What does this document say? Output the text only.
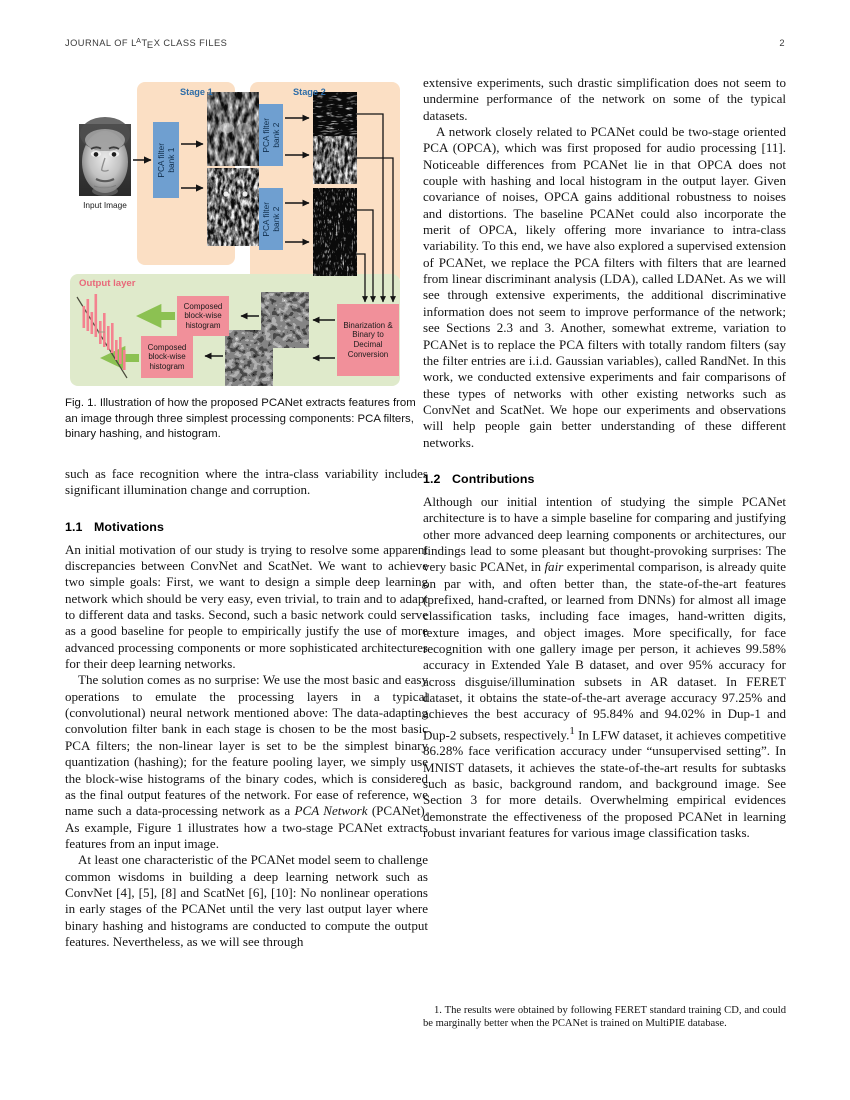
JOURNAL OF $L^ATEX$ CLASS FILES	2
Stage 1	Stage 2
Output layer
Input Image
PCA filter
bank 1
PCA filter
bank 2
PCA filter
bank 2
Binarization &
Binary to
Decimal
Conversion
Composed
block-wise
histogram
Composed
block-wise
histogram
Fig. 1. Illustration of how the proposed PCANet extracts features from an image through three simplest processing components: PCA filters, binary hashing, and histogram.

such as face recognition where the intra-class variability includes significant illumination change and corruption.

1.1 Motivations

An initial motivation of our study is trying to resolve some apparent discrepancies between ConvNet and ScatNet. We want to achieve two simple goals: First, we want to design a simple deep learning network which should be very easy, even trivial, to train and to adapt to different data and tasks. Second, such a basic network could serve as a good baseline for people to empirically justify the use of more advanced processing components or more sophisticated architectures for their deep learning networks.

The solution comes as no surprise: We use the most basic and easy operations to emulate the processing layers in a typical (convolutional) neural network mentioned above: The data-adapting convolution filter bank in each stage is chosen to be the most basic PCA filters; the non-linear layer is set to be the simplest binary quantization (hashing); for the feature pooling layer, we simply use the block-wise histograms of the binary codes, which is considered as the final output features of the network. For ease of reference, we name such a data-processing network as a PCA Network (PCANet). As example, Figure 1 illustrates how a two-stage PCANet extracts features from an input image.

At least one characteristic of the PCANet model seem to challenge common wisdoms in building a deep learning network such as ConvNet [4], [5], [8] and ScatNet [6], [10]: No nonlinear operations in early stages of the PCANet until the very last output layer where binary hashing and histograms are conducted to compute the output features. Nevertheless, as we will see through

extensive experiments, such drastic simplification does not seem to undermine performance of the network on some of the typical datasets.

A network closely related to PCANet could be two-stage oriented PCA (OPCA), which was first proposed for audio processing [11]. Noticeable differences from PCANet lie in that OPCA does not couple with hashing and local histogram in the output layer. Given covariance of noises, OPCA gains additional robustness to noises and distortions. The baseline PCANet could also incorporate the merit of OPCA, likely offering more invariance to intra-class variability. To this end, we have also explored a supervised extension of PCANet, we replace the PCA filters with filters that are learned from linear discriminant analysis (LDA), called LDANet. As we will see through extensive experiments, the additional discriminative information does not seem to improve performance of the network; see Sections 2.3 and 3. Another, somewhat extreme, variation to PCANet is to replace the PCA filters with totally random filters (say the filter entries are i.i.d. Gaussian variables), called RandNet. In this work, we conducted extensive experiments and fair comparisons of these types of networks with other existing networks such as ConvNet and ScatNet. We hope our experiments and observations will help people gain better understanding of these different networks.

1.2 Contributions

Although our initial intention of studying the simple PCANet architecture is to have a simple baseline for comparing and justifying other more advanced deep learning components or architectures, our findings lead to some pleasant but thought-provoking surprises: The very basic PCANet, in fair experimental comparison, is already quite on par with, and often better than, the state-of-the-art features (prefixed, hand-crafted, or learned from DNNs) for almost all image classification tasks, including face images, hand-written digits, texture images, and object images. More specifically, for face recognition with one gallery image per person, it achieves 99.58% accuracy in Extended Yale B dataset, and over 95% accuracy for across disguise/illumination subsets in AR dataset. In FERET dataset, it obtains the state-of-the-art average accuracy 97.25% and achieves the best accuracy of 95.84% and 94.02% in Dup-1 and Dup-2 subsets, respectively.$^1$ In LFW dataset, it achieves competitive 86.28% face verification accuracy under “unsupervised setting”. In MNIST datasets, it achieves the state-of-the-art results for subtasks such as basic, background random, and background image. See Section 3 for more details. Overwhelming empirical evidences demonstrate the effectiveness of the proposed PCANet in learning robust invariant features for various image classification tasks.

1. The results were obtained by following FERET standard training CD, and could be marginally better when the PCANet is trained on MultiPIE database.
